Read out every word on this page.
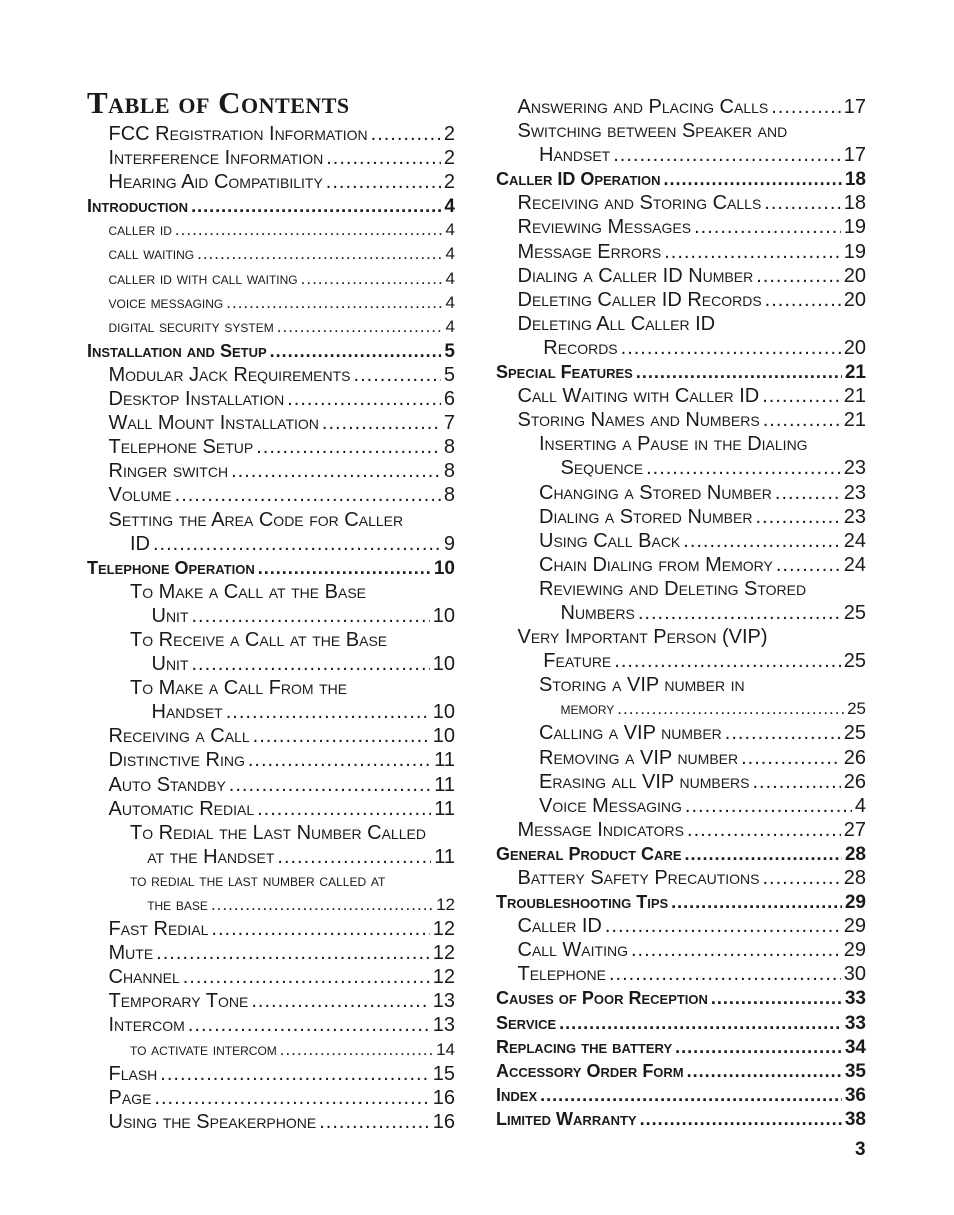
Table of Contents
FCC Registration Information .....	2
Interference Information .....	2
Hearing Aid Compatibility .....	2
Introduction .....	4
caller id .....	4
call waiting .....	4
caller id with call waiting .....	4
voice messaging .....	4
digital security system .....	4
Installation and Setup .....	5
Modular Jack Requirements .....	5
Desktop Installation .....	6
Wall Mount Installation .....	7
Telephone Setup .....	8
Ringer switch .....	8
Volume .....	8
Setting the Area Code for Caller
ID .....	9
Telephone Operation .....	10
To Make a Call at the Base
Unit .....	10
To Receive a Call at the Base
Unit .....	10
To Make a Call From the
Handset .....	10
Receiving a Call .....	10
Distinctive Ring .....	11
Auto Standby .....	11
Automatic Redial .....	11
To Redial the Last Number Called
at the Handset .....	11
to redial the last number called at
the base .....	12
Fast Redial .....	12
Mute .....	12
Channel .....	12
Temporary Tone .....	13
Intercom .....	13
to activate intercom .....	14
Flash .....	15
Page .....	16
Using the Speakerphone .....	16
Answering and Placing Calls .....	17
Switching between Speaker and
Handset .....	17
Caller ID Operation .....	18
Receiving and Storing Calls .....	18
Reviewing Messages .....	19
Message Errors .....	19
Dialing a Caller ID Number .....	20
Deleting Caller ID Records .....	20
Deleting All Caller ID
Records .....	20
Special Features .....	21
Call Waiting with Caller ID .....	21
Storing Names and Numbers .....	21
Inserting a Pause in the Dialing
Sequence .....	23
Changing a Stored Number .....	23
Dialing a Stored Number .....	23
Using Call Back .....	24
Chain Dialing from Memory .....	24
Reviewing and Deleting Stored
Numbers .....	25
Very Important Person (VIP)
Feature .....	25
Storing a VIP number in
memory .....	25
Calling a VIP number .....	25
Removing a VIP number .....	26
Erasing all VIP numbers .....	26
Voice Messaging .....	4
Message Indicators .....	27
General Product Care .....	28
Battery Safety Precautions .....	28
Troubleshooting Tips .....	29
Caller ID .....	29
Call Waiting .....	29
Telephone .....	30
Causes of Poor Reception .....	33
Service .....	33
Replacing the battery .....	34
Accessory Order Form .....	35
Index .....	36
Limited Warranty .....	38
3
